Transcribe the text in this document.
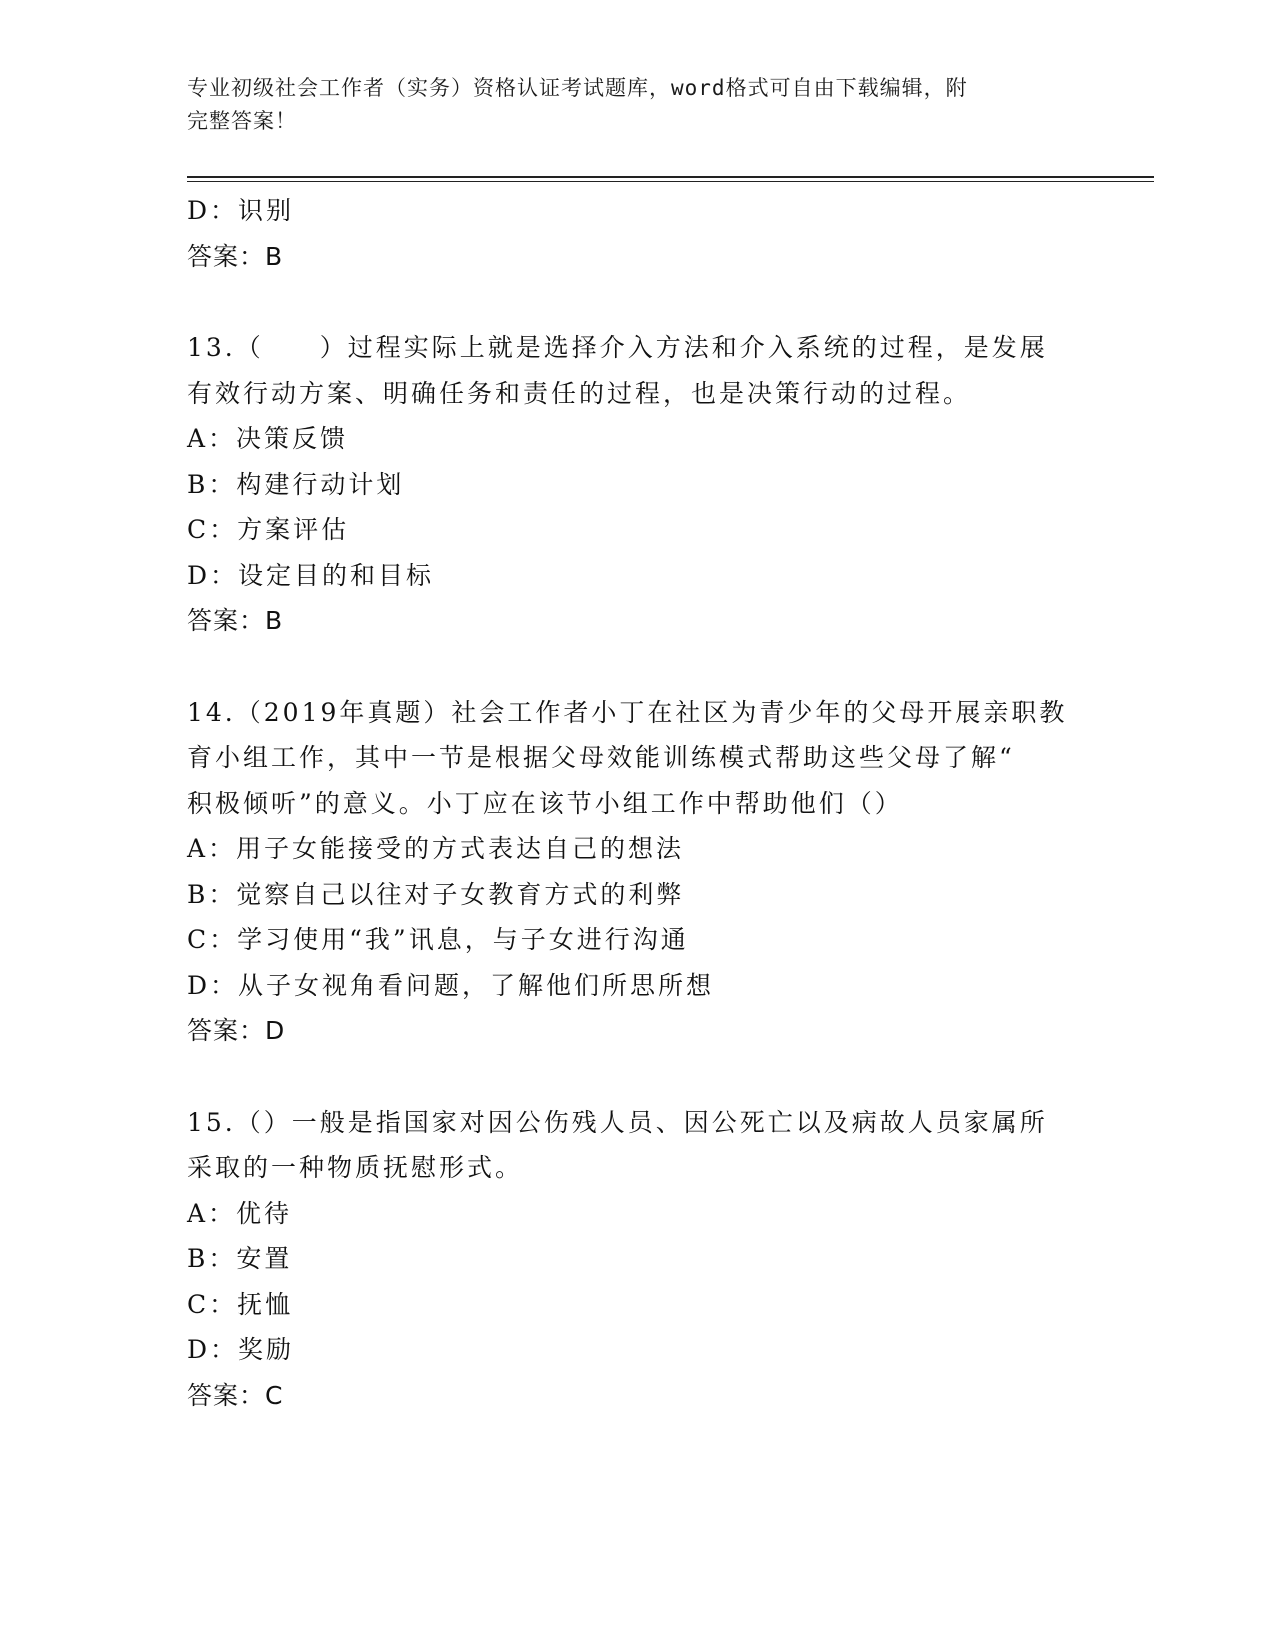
专业初级社会工作者（实务）资格认证考试题库，word格式可自由下载编辑，附
完整答案！
D：识别
答案：B
13.（　　）过程实际上就是选择介入方法和介入系统的过程，是发展
有效行动方案、明确任务和责任的过程，也是决策行动的过程。
A：决策反馈
B：构建行动计划
C：方案评估
D：设定目的和目标
答案：B
14.（2019年真题）社会工作者小丁在社区为青少年的父母开展亲职教
育小组工作，其中一节是根据父母效能训练模式帮助这些父母了解“
积极倾听”的意义。小丁应在该节小组工作中帮助他们（）
A：用子女能接受的方式表达自己的想法
B：觉察自己以往对子女教育方式的利弊
C：学习使用“我”讯息，与子女进行沟通
D：从子女视角看问题，了解他们所思所想
答案：D
15.（）一般是指国家对因公伤残人员、因公死亡以及病故人员家属所
采取的一种物质抚慰形式。
A：优待
B：安置
C：抚恤
D：奖励
答案：C
